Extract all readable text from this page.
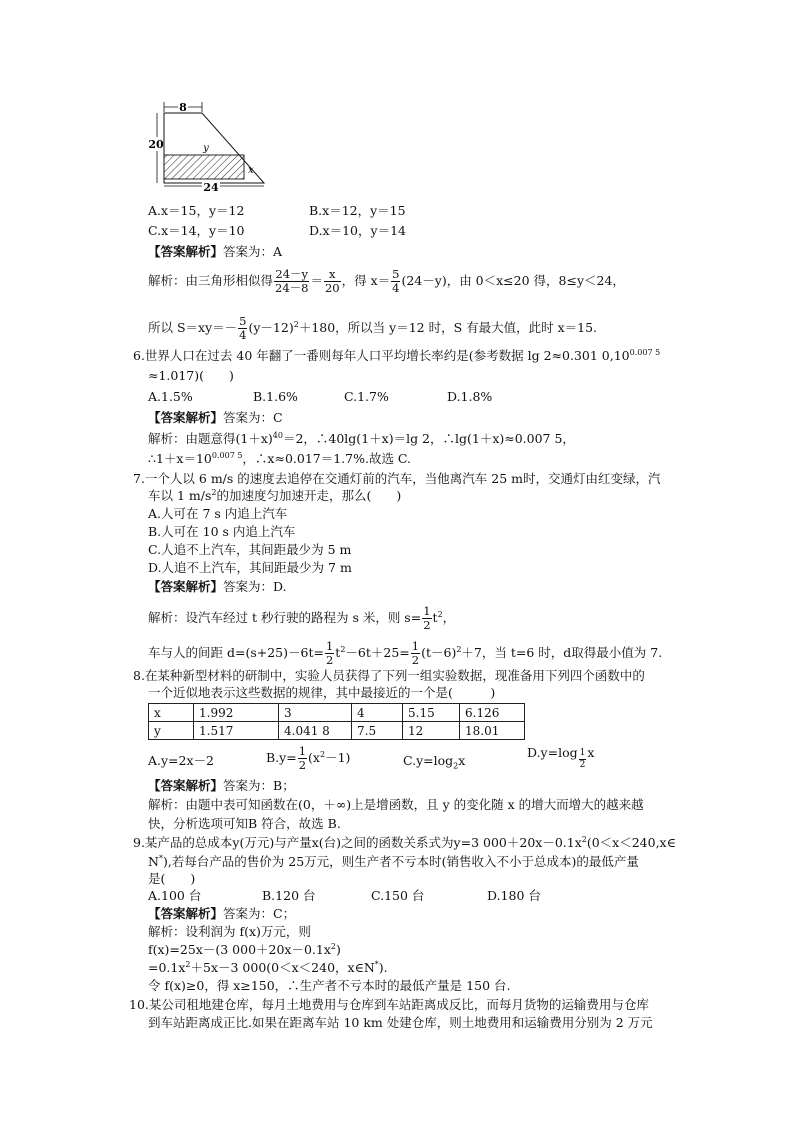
8
20	y
x
24
A.x＝15，y＝12	B.x＝12，y＝15
C.x＝14，y＝10	D.x＝10，y＝14
【答案解析】答案为：A
解析：由三角形相似得 $\frac{24-y}{24-8} = \frac{x}{20}$ ，得 $x= \frac{5}{4} (24-y)$，由 0＜x≤20 得，8≤y＜24，
所以 $S=xy=- \frac{5}{4} (y-12)^2+180$，所以当 y＝12 时，S 有最大值，此时 x＝15.
6.世界人口在过去 40 年翻了一番则每年人口平均增长率约是(参考数据 lg 2≈0.301 $0,10^{0.007 5}$
≈1.017)(　　)
A.1.5%	B.1.6%	C.1.7%	D.1.8%
【答案解析】答案为：C
解析：由题意得$(1+x)^{40}=2$，∴40lg(1＋x)＝lg 2，∴lg(1＋x)≈0.007 5，
$\therefore 1+x=10^{0.007 5}$，∴x≈0.017＝1.7%.故选 C.
7.一个人以 6 m/s 的速度去追停在交通灯前的汽车，当他离汽车 25 m时，交通灯由红变绿，汽
车以 1 $m/s^2$的加速度匀加速开走，那么(　　)
A.人可在 7 s 内追上汽车
B.人可在 10 s 内追上汽车
C.人追不上汽车，其间距最少为 5 m
D.人追不上汽车，其间距最少为 7 m
【答案解析】答案为：D.
解析：设汽车经过 t 秒行驶的路程为 s 米，则 $s= \frac{1}{2} t^2$，
车与人的间距 $d=(s+25)-6t= \frac{1}{2} t^2-6t+25= \frac{1}{2} (t-6)^2+7$，当 t=6 时，d取得最小值为 7.
8.在某种新型材料的研制中，实验人员获得了下列一组实验数据，现准备用下列四个函数中的
一个近似地表示这些数据的规律，其中最接近的一个是(　　　)
x	1.992	3	4	5.15	6.126
y	1.517	4.041 8	7.5	12	18.01
A.y=2x－2	$B.y= \frac{1}{2} (x^2-1)$	$C.y=\log_2x$
$D.y=\log \frac{1}{2}$ x
【答案解析】答案为：B；
解析：由题中表可知函数在(0，＋∞)上是增函数，且 y 的变化随 x 的增大而增大的越来越
快，分析选项可知B 符合，故选 B.
9.某产品的总成本y(万元)与产量x(台)之间的函数关系式为y=3 $000+20x-0.1x^2(0<x<240,x\in$
N*),若每台产品的售价为 25万元，则生产者不亏本时(销售收入不小于总成本)的最低产量
是(　　)
A.100 台	B.120 台	C.150 台	D.180 台
【答案解析】答案为：C；
解析：设利润为 f(x)万元，则
f(x)=25x－(3 $000+20x-0.1x^2$)
$=0.1x^2+5x-3$ 000(0＜x＜240，x∈N*).
令 f(x)≥0，得 x≥150，∴生产者不亏本时的最低产量是 150 台.
10.某公司租地建仓库，每月土地费用与仓库到车站距离成反比，而每月货物的运输费用与仓库
到车站距离成正比.如果在距离车站 10 km 处建仓库，则土地费用和运输费用分别为 2 万元
